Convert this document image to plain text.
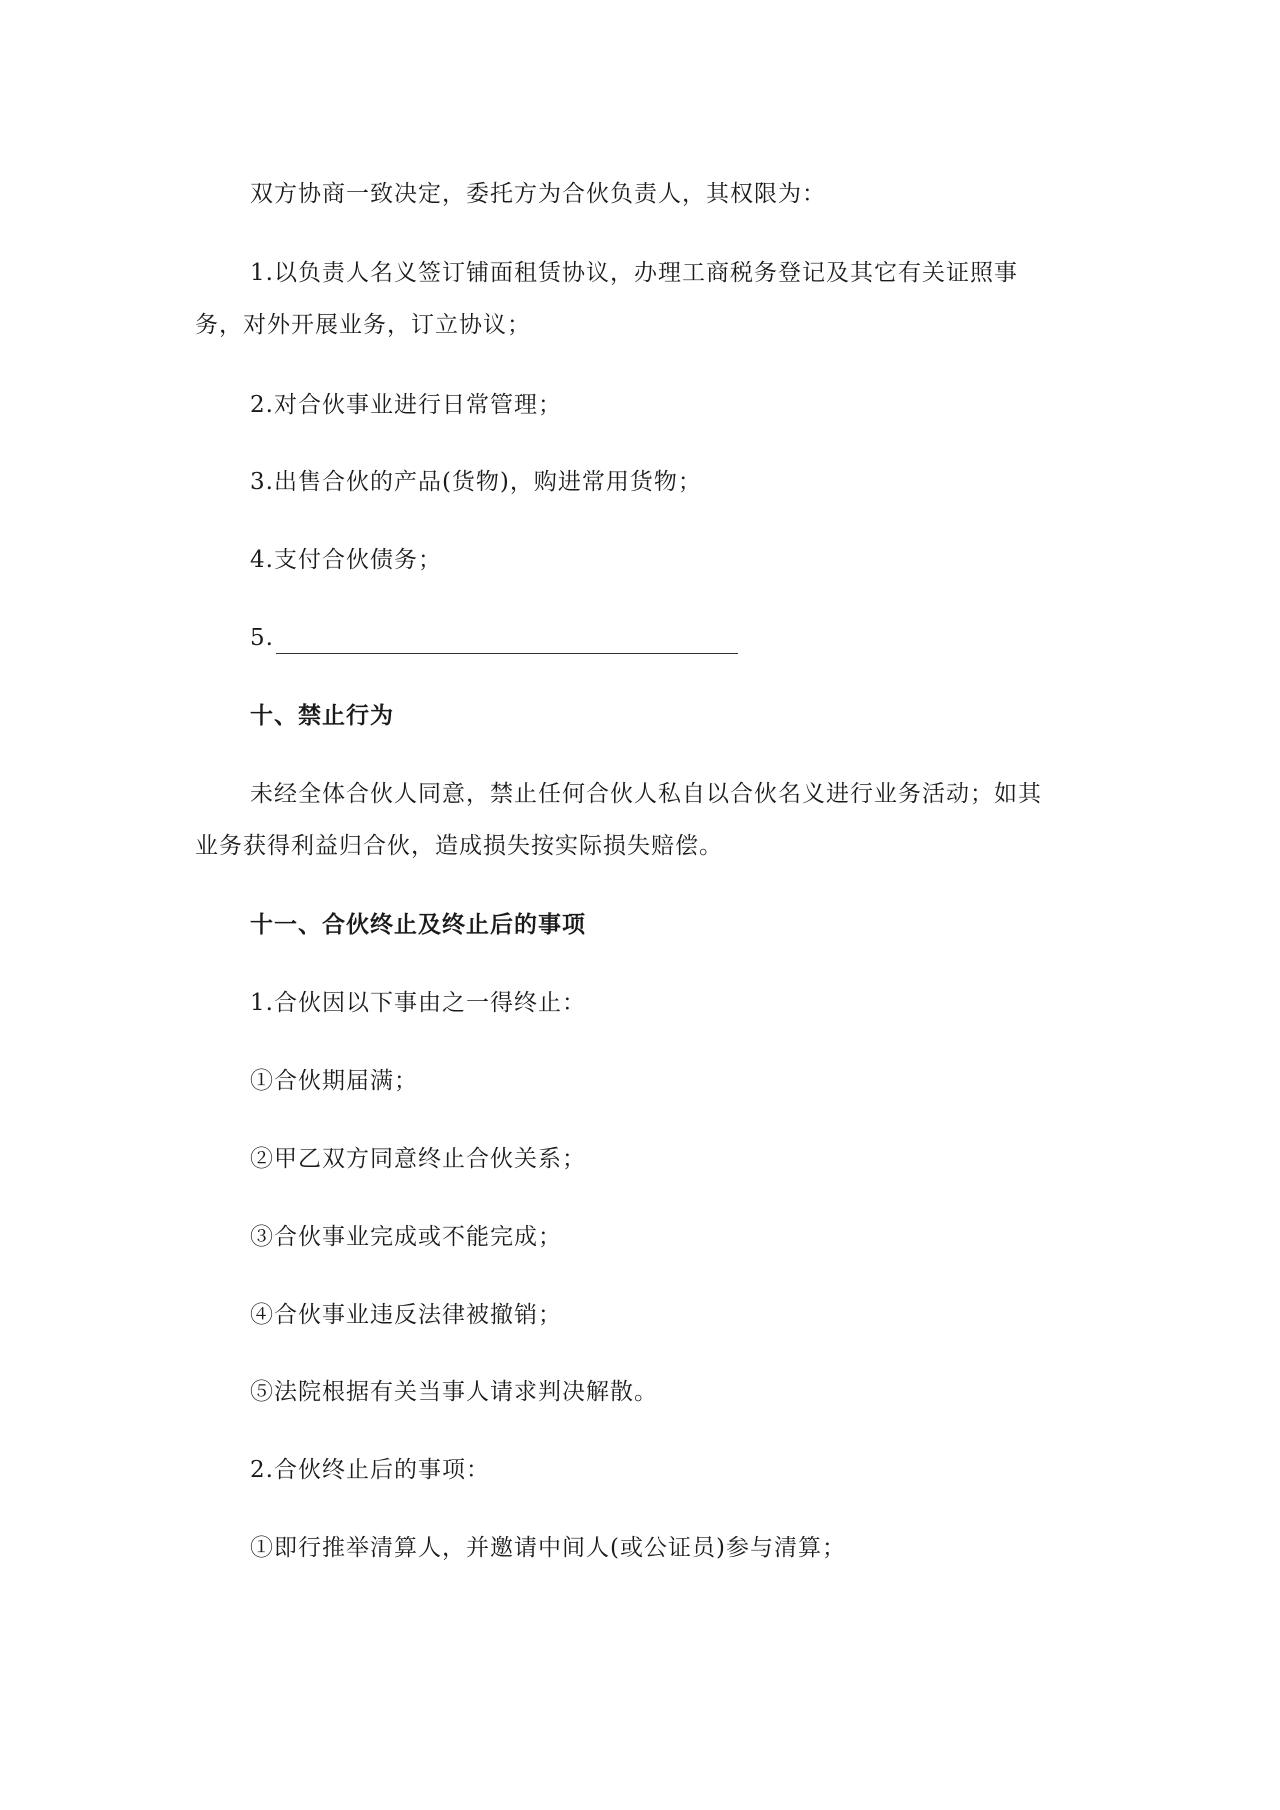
双方协商一致决定，委托方为合伙负责人，其权限为：
1.以负责人名义签订铺面租赁协议，办理工商税务登记及其它有关证照事
务，对外开展业务，订立协议；
2.对合伙事业进行日常管理；
3.出售合伙的产品(货物)，购进常用货物；
4.支付合伙债务；
5.
十、禁止行为
未经全体合伙人同意，禁止任何合伙人私自以合伙名义进行业务活动；如其
业务获得利益归合伙，造成损失按实际损失赔偿。
十一、合伙终止及终止后的事项
1.合伙因以下事由之一得终止：
①合伙期届满；
②甲乙双方同意终止合伙关系；
③合伙事业完成或不能完成；
④合伙事业违反法律被撤销；
⑤法院根据有关当事人请求判决解散。
2.合伙终止后的事项：
①即行推举清算人，并邀请中间人(或公证员)参与清算；
